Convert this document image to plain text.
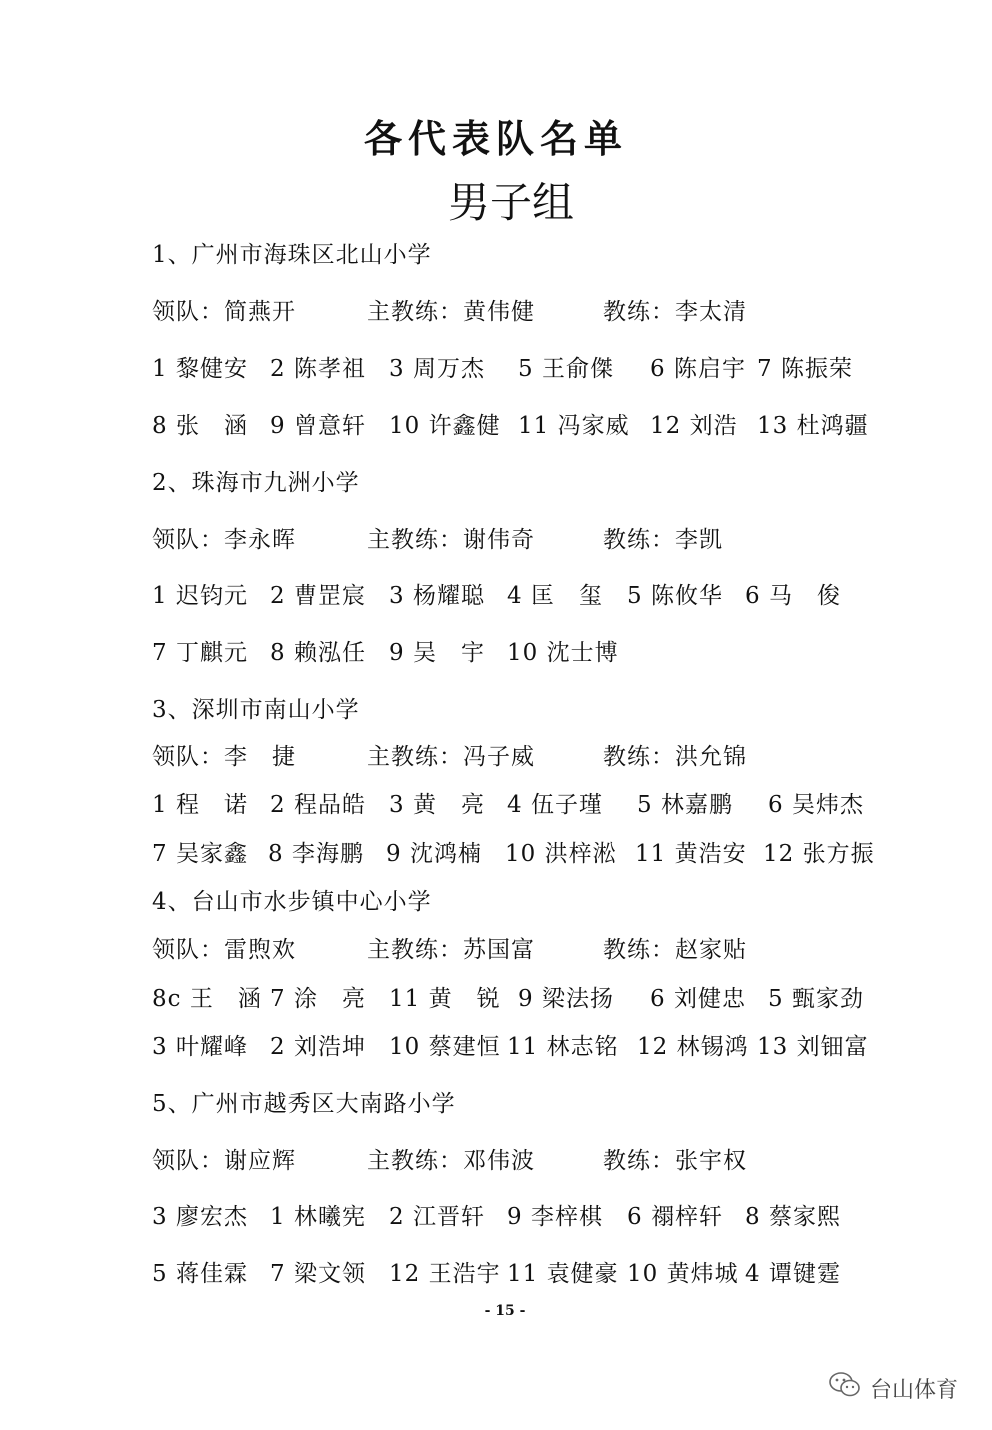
各代表队名单
男子组
1、广州市海珠区北山小学
领队：简燕开	主教练：黄伟健	教练：李太清
1 黎健安 2 陈孝祖 3 周万杰 5 王俞傑 6 陈启宇 7 陈振荣
8 张　涵 9 曾意轩 10 许鑫健 11 冯家威 12 刘浩 13 杜鸿疆
2、珠海市九洲小学
领队：李永晖	主教练：谢伟奇	教练：李凯
1 迟钧元 2 曹罡宸 3 杨耀聪 4 匡　玺 5 陈攸华 6 马　俊
7 丁麒元 8 赖泓任 9 吴　宇 10 沈士博
3、深圳市南山小学
领队：李　捷	主教练：冯子威	教练：洪允锦
1 程　诺 2 程品皓 3 黄　亮 4 伍子瑾 5 林嘉鹏 6 吴炜杰
7 吴家鑫 8 李海鹏 9 沈鸿楠 10 洪梓淞 11 黄浩安 12 张方振
4、台山市水步镇中心小学
领队：雷煦欢	主教练：苏国富	教练：赵家贴
8c 王　涵 7 涂　亮 11 黄　锐 9 梁法扬 6 刘健忠 5 甄家劲
3 叶耀峰 2 刘浩坤 10 蔡建恒 11 林志铭 12 林锡鸿 13 刘钿富
5、广州市越秀区大南路小学
领队：谢应辉	主教练：邓伟波	教练：张宇权
3 廖宏杰 1 林曦宪 2 江晋轩 9 李梓棋 6 禤梓轩 8 蔡家熙
5 蒋佳霖 7 梁文领 12 王浩宇 11 袁健豪 10 黄炜城 4 谭键霆
- 15 -

台山体育
